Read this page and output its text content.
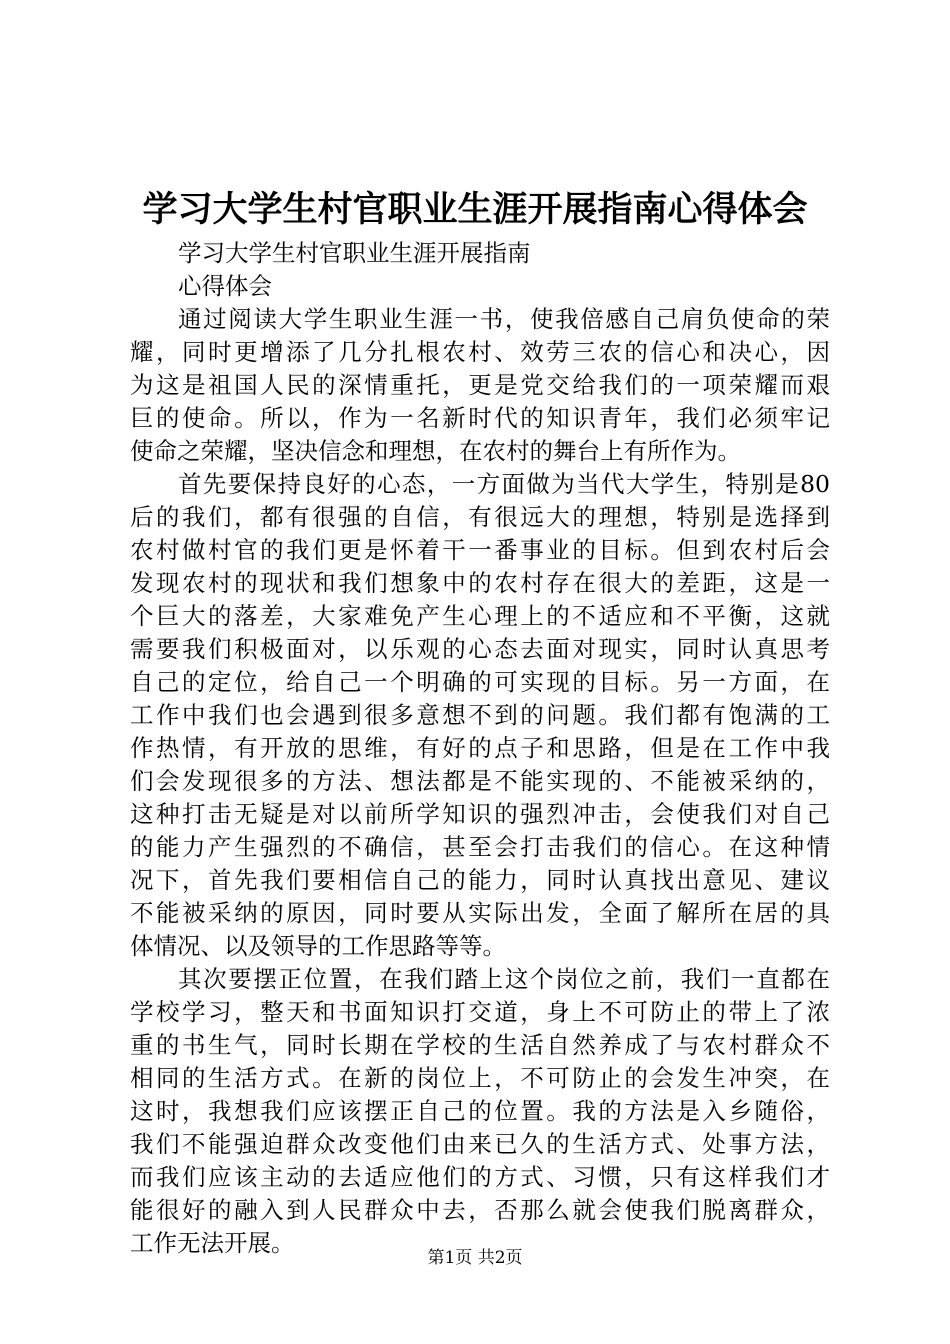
学习大学生村官职业生涯开展指南心得体会
学习大学生村官职业生涯开展指南
心得体会
通过阅读大学生职业生涯一书，使我倍感自己肩负使命的荣
耀，同时更增添了几分扎根农村、效劳三农的信心和决心，因
为这是祖国人民的深情重托，更是党交给我们的一项荣耀而艰
巨的使命。所以，作为一名新时代的知识青年，我们必须牢记
使命之荣耀，坚决信念和理想，在农村的舞台上有所作为。
首先要保持良好的心态，一方面做为当代大学生，特别是80
后的我们，都有很强的自信，有很远大的理想，特别是选择到
农村做村官的我们更是怀着干一番事业的目标。但到农村后会
发现农村的现状和我们想象中的农村存在很大的差距，这是一
个巨大的落差，大家难免产生心理上的不适应和不平衡，这就
需要我们积极面对，以乐观的心态去面对现实，同时认真思考
自己的定位，给自己一个明确的可实现的目标。另一方面，在
工作中我们也会遇到很多意想不到的问题。我们都有饱满的工
作热情，有开放的思维，有好的点子和思路，但是在工作中我
们会发现很多的方法、想法都是不能实现的、不能被采纳的，
这种打击无疑是对以前所学知识的强烈冲击，会使我们对自己
的能力产生强烈的不确信，甚至会打击我们的信心。在这种情
况下，首先我们要相信自己的能力，同时认真找出意见、建议
不能被采纳的原因，同时要从实际出发，全面了解所在居的具
体情况、以及领导的工作思路等等。
其次要摆正位置，在我们踏上这个岗位之前，我们一直都在
学校学习，整天和书面知识打交道，身上不可防止的带上了浓
重的书生气，同时长期在学校的生活自然养成了与农村群众不
相同的生活方式。在新的岗位上，不可防止的会发生冲突，在
这时，我想我们应该摆正自己的位置。我的方法是入乡随俗，
我们不能强迫群众改变他们由来已久的生活方式、处事方法，
而我们应该主动的去适应他们的方式、习惯，只有这样我们才
能很好的融入到人民群众中去，否那么就会使我们脱离群众，
工作无法开展。
第1页 共2页
